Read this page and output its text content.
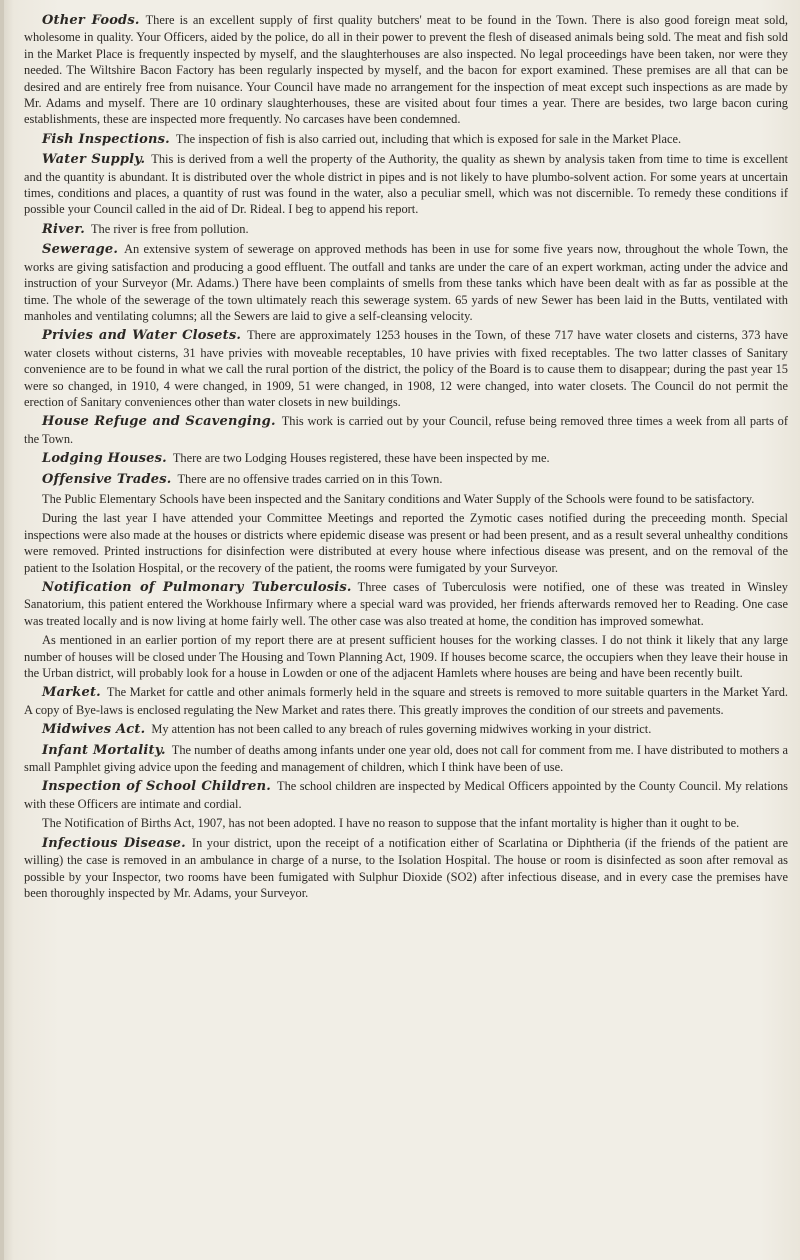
Other Foods. There is an excellent supply of first quality butchers' meat to be found in the Town. There is also good foreign meat sold, wholesome in quality. Your Officers, aided by the police, do all in their power to prevent the flesh of diseased animals being sold. The meat and fish sold in the Market Place is frequently inspected by myself, and the slaughterhouses are also inspected. No legal proceedings have been taken, nor were they needed. The Wiltshire Bacon Factory has been regularly inspected by myself, and the bacon for export examined. These premises are all that can be desired and are entirely free from nuisance. Your Council have made no arrangement for the inspection of meat except such inspections as are made by Mr. Adams and myself. There are 10 ordinary slaughterhouses, these are visited about four times a year. There are besides, two large bacon curing establishments, these are inspected more frequently. No carcases have been condemned.

Fish Inspections. The inspection of fish is also carried out, including that which is exposed for sale in the Market Place.

Water Supply. This is derived from a well the property of the Authority, the quality as shewn by analysis taken from time to time is excellent and the quantity is abundant. It is distributed over the whole district in pipes and is not likely to have plumbo-solvent action. For some years at uncertain times, conditions and places, a quantity of rust was found in the water, also a peculiar smell, which was not discernible. To remedy these conditions if possible your Council called in the aid of Dr. Rideal. I beg to append his report.

River. The river is free from pollution.

Sewerage. An extensive system of sewerage on approved methods has been in use for some five years now, throughout the whole Town, the works are giving satisfaction and producing a good effluent. The outfall and tanks are under the care of an expert workman, acting under the advice and instruction of your Surveyor (Mr. Adams.) There have been complaints of smells from these tanks which have been dealt with as far as possible at the time. The whole of the sewerage of the town ultimately reach this sewerage system. 65 yards of new Sewer has been laid in the Butts, ventilated with manholes and ventilating columns; all the Sewers are laid to give a self-cleansing velocity.

Privies and Water Closets. There are approximately 1253 houses in the Town, of these 717 have water closets and cisterns, 373 have water closets without cisterns, 31 have privies with moveable receptables, 10 have privies with fixed receptables. The two latter classes of Sanitary convenience are to be found in what we call the rural portion of the district, the policy of the Board is to cause them to disappear; during the past year 15 were so changed, in 1910, 4 were changed, in 1909, 51 were changed, in 1908, 12 were changed, into water closets. The Council do not permit the erection of Sanitary conveniences other than water closets in new buildings.

House Refuge and Scavenging. This work is carried out by your Council, refuse being removed three times a week from all parts of the Town.

Lodging Houses. There are two Lodging Houses registered, these have been inspected by me.

Offensive Trades. There are no offensive trades carried on in this Town.

The Public Elementary Schools have been inspected and the Sanitary conditions and Water Supply of the Schools were found to be satisfactory.

During the last year I have attended your Committee Meetings and reported the Zymotic cases notified during the preceeding month. Special inspections were also made at the houses or districts where epidemic disease was present or had been present, and as a result several unhealthy conditions were removed. Printed instructions for disinfection were distributed at every house where infectious disease was present, and on the removal of the patient to the Isolation Hospital, or the recovery of the patient, the rooms were fumigated by your Surveyor.

Notification of Pulmonary Tuberculosis. Three cases of Tuberculosis were notified, one of these was treated in Winsley Sanatorium, this patient entered the Workhouse Infirmary where a special ward was provided, her friends afterwards removed her to Reading. One case was treated locally and is now living at home fairly well. The other case was also treated at home, the condition has improved somewhat.

As mentioned in an earlier portion of my report there are at present sufficient houses for the working classes. I do not think it likely that any large number of houses will be closed under The Housing and Town Planning Act, 1909. If houses become scarce, the occupiers when they leave their house in the Urban district, will probably look for a house in Lowden or one of the adjacent Hamlets where houses are being and have been recently built.

Market. The Market for cattle and other animals formerly held in the square and streets is removed to more suitable quarters in the Market Yard. A copy of Bye-laws is enclosed regulating the New Market and rates there. This greatly improves the condition of our streets and pavements.

Midwives Act. My attention has not been called to any breach of rules governing midwives working in your district.

Infant Mortality. The number of deaths among infants under one year old, does not call for comment from me. I have distributed to mothers a small Pamphlet giving advice upon the feeding and management of children, which I think have been of use.

Inspection of School Children. The school children are inspected by Medical Officers appointed by the County Council. My relations with these Officers are intimate and cordial.

The Notification of Births Act, 1907, has not been adopted. I have no reason to suppose that the infant mortality is higher than it ought to be.

Infectious Disease. In your district, upon the receipt of a notification either of Scarlatina or Diphtheria (if the friends of the patient are willing) the case is removed in an ambulance in charge of a nurse, to the Isolation Hospital. The house or room is disinfected as soon after removal as possible by your Inspector, two rooms have been fumigated with Sulphur Dioxide (SO2) after infectious disease, and in every case the premises have been thoroughly inspected by Mr. Adams, your Surveyor.
